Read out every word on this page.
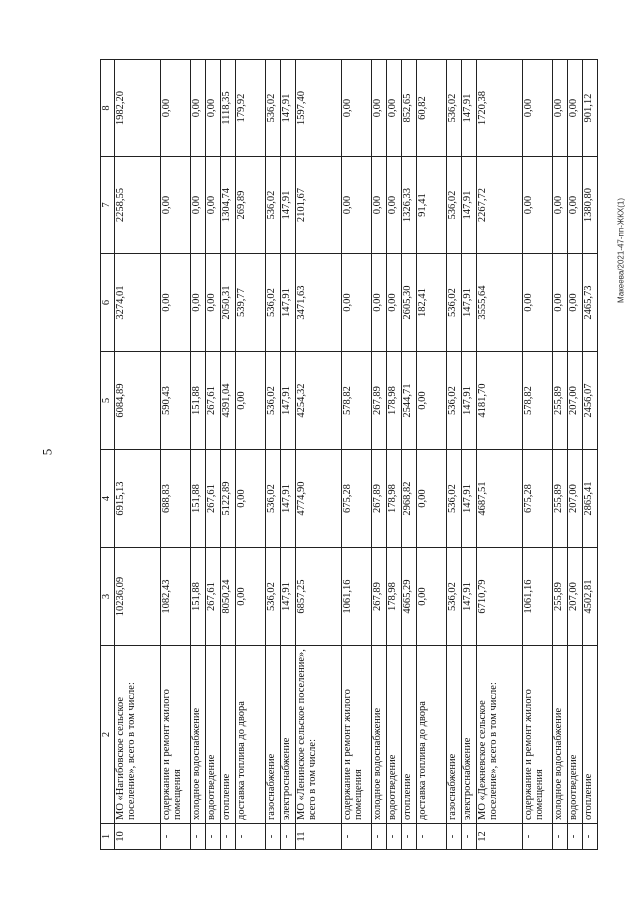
5
Макеева/2021-47-пп-ЖКХ(1)
1	2	3	4	5	6	7	8
10	МО «Нагибовское сельское поселение», всего в том числе:	10236,09	6915,13	6084,89	3274,01	2258,55	1982,20
-	содержание и ремонт жилого помещения	1082,43	688,83	590,43	0,00	0,00	0,00
-	холодное водоснабжение	151,88	151,88	151,88	0,00	0,00	0,00
-	водоотведение	267,61	267,61	267,61	0,00	0,00	0,00
-	отопление	8050,24	5122,89	4391,04	2050,31	1304,74	1118,35
-	доставка топлива до двора	0,00	0,00	0,00	539,77	269,89	179,92
-	газоснабжение	536,02	536,02	536,02	536,02	536,02	536,02
-	электроснабжение	147,91	147,91	147,91	147,91	147,91	147,91
11	МО «Ленинское сельское поселение», всего в том числе:	6857,25	4774,90	4254,32	3471,63	2101,67	1597,40
-	содержание и ремонт жилого помещения	1061,16	675,28	578,82	0,00	0,00	0,00
-	холодное водоснабжение	267,89	267,89	267,89	0,00	0,00	0,00
-	водоотведение	178,98	178,98	178,98	0,00	0,00	0,00
-	отопление	4665,29	2968,82	2544,71	2605,30	1326,33	852,65
-	доставка топлива до двора	0,00	0,00	0,00	182,41	91,41	60,82
-	газоснабжение	536,02	536,02	536,02	536,02	536,02	536,02
-	электроснабжение	147,91	147,91	147,91	147,91	147,91	147,91
12	МО «Дежневское сельское поселение», всего в том числе:	6710,79	4687,51	4181,70	3555,64	2267,72	1720,38
-	содержание и ремонт жилого помещения	1061,16	675,28	578,82	0,00	0,00	0,00
-	холодное водоснабжение	255,89	255,89	255,89	0,00	0,00	0,00
-	водоотведение	207,00	207,00	207,00	0,00	0,00	0,00
-	отопление	4502,81	2865,41	2456,07	2465,73	1380,80	901,12
